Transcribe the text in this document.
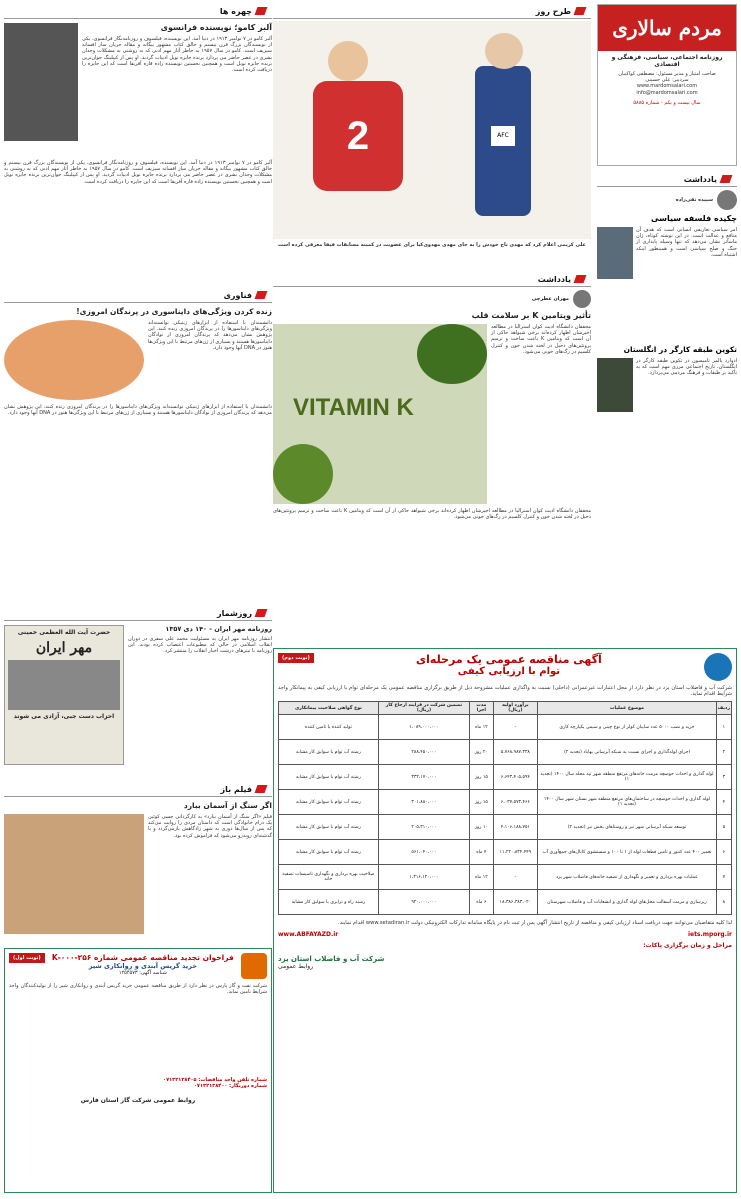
مردم سالاری
روزنامه اجتماعی، سیاسی، فرهنگی و اقتصادی
صاحب امتیاز و مدیر مسئول: مصطفی کواکبیان
سردبیر: علی حسینی
www.mardomsalari.com
info@mardomsalari.com
سال بیست و یکم - شماره ۵۸۸۵
یادداشت
سپیده تقی‌زاده
چکیده فلسفه سیاسی
امر سیاسی تعاریفی انسانی است که هدف آن منافع و عدالت است. در این نوشته کوتاه، ژان ماساتر نشان می‌دهد که تنها وسیله پایداری از جنگ و صلح سیاسی است و همینطور اینکه اشتباه است.
تکوین طبقه کارگر در انگلستان
ادوارد پالمر تامپسون در تکوین طبقه کارگر در انگلستان، تاریخ اجتماعی مرزی مهم است که به تأکید بر طبقات و فرهنگ مردمی می‌پردازد.
طرح روز
2	AFC
علی کریمی اعلام کرد که مهدی تاج خودش را به جای مهدی مهدوی‌کیا برای عضویت در کمیته مسابقات فیفا معرفی کرده است
یادداشت
مهران عطرچی
تأثیر ویتامین K بر سلامت قلب
محققان دانشگاه ادیث کوان استرالیا در مطالعه اخیرشان اظهار کرده‌اند برخی شیواهد حاکی از آن است که ویتامین K باعث ساخت و ترمیم پروتئین‌های دخیل در لخته شدن خون و کنترل کلسیم در رگ‌های خونی می‌شود.
VITAMIN K
محققان دانشگاه ادیث کوان استرالیا در مطالعه اخیرشان اظهار کرده‌اند برخی شیواهد حاکی از آن است که ویتامین K باعث ساخت و ترمیم پروتئین‌های دخیل در لخته شدن خون و کنترل کلسیم در رگ‌های خونی می‌شود.
چهره ها
آلبر کامو؛ نویسنده فرانسوی
آلبر کامو در ۷ نوامبر ۱۹۱۳ در دنیا آمد. این نویسنده، فیلسوف و روزنامه‌نگار فرانسوی، یکی از نویسندگان بزرگ قرن بیستم و خالق کتاب مشهور بیگانه و مقاله جریان ساز افسانه سیزیف است. کامو در سال ۱۹۵۷ به خاطر آثار مهم ادبی که به روشنی به مشکلات وجدان بشری در عصر حاضر می پردازد برنده جایزه نوبل ادبیات گردید. او پس از کیپلینگ جوان‌ترین برنده جایزه نوبل است و همچنین نخستین نویسنده زاده قاره آفریقا است که این جایزه را دریافت کرده است.
آلبر کامو در ۷ نوامبر ۱۹۱۳ در دنیا آمد. این نویسنده، فیلسوف و روزنامه‌نگار فرانسوی، یکی از نویسندگان بزرگ قرن بیستم و خالق کتاب مشهور بیگانه و مقاله جریان ساز افسانه سیزیف است. کامو در سال ۱۹۵۷ به خاطر آثار مهم ادبی که به روشنی به مشکلات وجدان بشری در عصر حاضر می پردازد برنده جایزه نوبل ادبیات گردید. او پس از کیپلینگ جوان‌ترین برنده جایزه نوبل است و همچنین نخستین نویسنده زاده قاره آفریقا است که این جایزه را دریافت کرده است.
فناوری
زنده کردن ویژگی‌های دایناسوری در پرندگان امروزی!
دانشمندان با استفاده از ابزارهای ژنتیکی توانسته‌اند ویژگی‌های دایناسورها را در پرندگان امروزی زنده کنند. این پژوهش نشان می‌دهد که پرندگان امروزی از نوادگان دایناسورها هستند و بسیاری از ژن‌های مرتبط با این ویژگی‌ها هنوز در DNA آنها وجود دارد.
دانشمندان با استفاده از ابزارهای ژنتیکی توانسته‌اند ویژگی‌های دایناسورها را در پرندگان امروزی زنده کنند. این پژوهش نشان می‌دهد که پرندگان امروزی از نوادگان دایناسورها هستند و بسیاری از ژن‌های مرتبط با این ویژگی‌ها هنوز در DNA آنها وجود دارد.
روزشمار
روزنامه مهر ایران - ۱۴۰ دی ۱۳۵۷
انتشار روزنامه مهر ایران به مسئولیت محمد علی سفری در دوران انقلاب اسلامی در حالی که مطبوعات اعتصاب کرده بودند. این روزنامه با تیترهای درشت اخبار انقلاب را منتشر کرد.
حضرت آیت الله العظمی خمینی
مهر ایران
احزاب دست جبی، آزادی می شوند
فیلم باز
اگر سنگ از آسمان ببارد
فیلم «اگر سنگ از آسمان ببارد» به کارگردانی جسی کوئین یک درام خانوادگی است که داستان مردی را روایت می‌کند که پس از سال‌ها دوری به شهر زادگاهش بازمی‌گردد و با گذشته‌ای روبه‌رو می‌شود که فراموش کرده بود.
آگهی مناقصه عمومی یک مرحله‌ای
توام با ارزیابی کیفی
(نوبت دوم)
شرکت آب و فاضلاب استان یزد در نظر دارد از محل اعتبارات غیرعمرانی (داخلی) نسبت به واگذاری عملیات مشروحه ذیل از طریق برگزاری مناقصه عمومی یک مرحله‌ای توام با ارزیابی کیفی به پیمانکار واجد شرایط اقدام نماید.
ردیف	موضوع عملیات	برآورد اولیه (ریال)	مدت اجرا	تضمین شرکت در فرایند ارجاع کار (ریال)	نوع گواهی صلاحیت پیمانکاری
۱	خرید و نصب ۵۰۰۰ عدد سایبان کولر از نوع چینی و سیمی یکپارچه کاری	-	۱۲ ماه	۱،۰۸۹،۰۰۰،۰۰۰	تولید کننده یا تامین کننده
۲	اجرای لوله‌گذاری و اجرای نسبت به شبکه آبرسانی بهاباد (تجدید ۲)	۵،۷۶۸،۹۸۷،۳۳۸	۲۰ روز	۲۸۸،۴۵۰،۰۰۰	رشته آب توام با سوابق کار مشابه
۳	لوله گذاری و احداث حوضچه مرمت خانه‌های مرتفع منطقه شهر تپه محله سال ۱۴۰۰ (تجدید ۱)	۶،۶۴۳،۴۰۵،۵۹۴	۱۵ روز	۳۳۲،۱۷۰،۰۰۰	رشته آب توام با سوابق کار مشابه
۴	لوله گذاری و احداث حوضچه در ساختمان‌های مرتفع منطقه شهر بستان شهر سال ۱۴۰۰ (تجدید ۱)	۶،۰۳۷،۵۷۳،۴۶۶	۱۵ روز	۳۰۱،۸۸۰،۰۰۰	رشته آب توام با سوابق کار مشابه
۵	توسعه شبکه آبرسانی شهر نیر و روستاهای بخش نیر (تجدید ۲)	۴،۱۰۶،۱۸۸،۷۵۱	۱۰ روز	۲۰۵،۳۱۰،۰۰۰	رشته آب توام با سوابق کار مشابه
۶	تعمیر ۴۰۰ عدد کنتور و تامین قطعات لوله از ۱ تا ۱۰۰ و شستشوی کانال‌های جمع‌آوری آب	۱۱،۲۲۰،۸۳۴،۴۴۹	۴ ماه	۵۶۱،۰۴۰،۰۰۰	رشته آب توام با سوابق کار مشابه
۷	عملیات بهره برداری و تعمیر و نگهداری از تصفیه خانه‌های فاضلاب شهر یزد	-	۱۲ ماه	۱،۳۱۶،۱۲۰،۰۰۰	صلاحیت بهره برداری و نگهداری تاسیسات تصفیه خانه
۸	زیرسازی و مرمت آسفالت محل‌های لوله گذاری و انشعابات آب و فاضلاب شهرستان	۱۸،۳۸۶،۳۸۳،۰۲۰	۶ ماه	۹۲۰،۰۰۰،۰۰۰	رشته راه و ترابری با سوابق کار مشابه
لذا کلیه متقاضیان می‌توانند جهت دریافت اسناد ارزیابی کیفی و مناقصه از تاریخ انتشار آگهی پس از ثبت نام در پایگاه سامانه تدارکات الکترونیکی دولت www.setadiran.ir اقدام نمایند.
www.ABFAYAZD.ir	iets.mporg.ir
مراحل و زمان برگزاری پاکات:
شرکت آب و فاضلاب استان یزد
روابط عمومی
فراخوان تجدید مناقصه عمومی شماره ۲۵۶-۰۰۰-K
خرید گریس آبندی و روانکاری شیر
شناسه آگهی: ۱۲۵۴۵۷۳
(نوبت اول)
شرکت نفت و گاز پارس در نظر دارد از طریق مناقصه عمومی خرید گریس آبندی و روانکاری شیر را از تولیدکنندگان واجد شرایط تامین نماید.
شماره تلفن واحد مناقصات: ۰۷۱۳۲۱۳۸۴۰۵
شماره دورنگار: ۰۷۱۳۲۱۳۸۴۰۰
روابط عمومی شرکت گاز استان فارس
